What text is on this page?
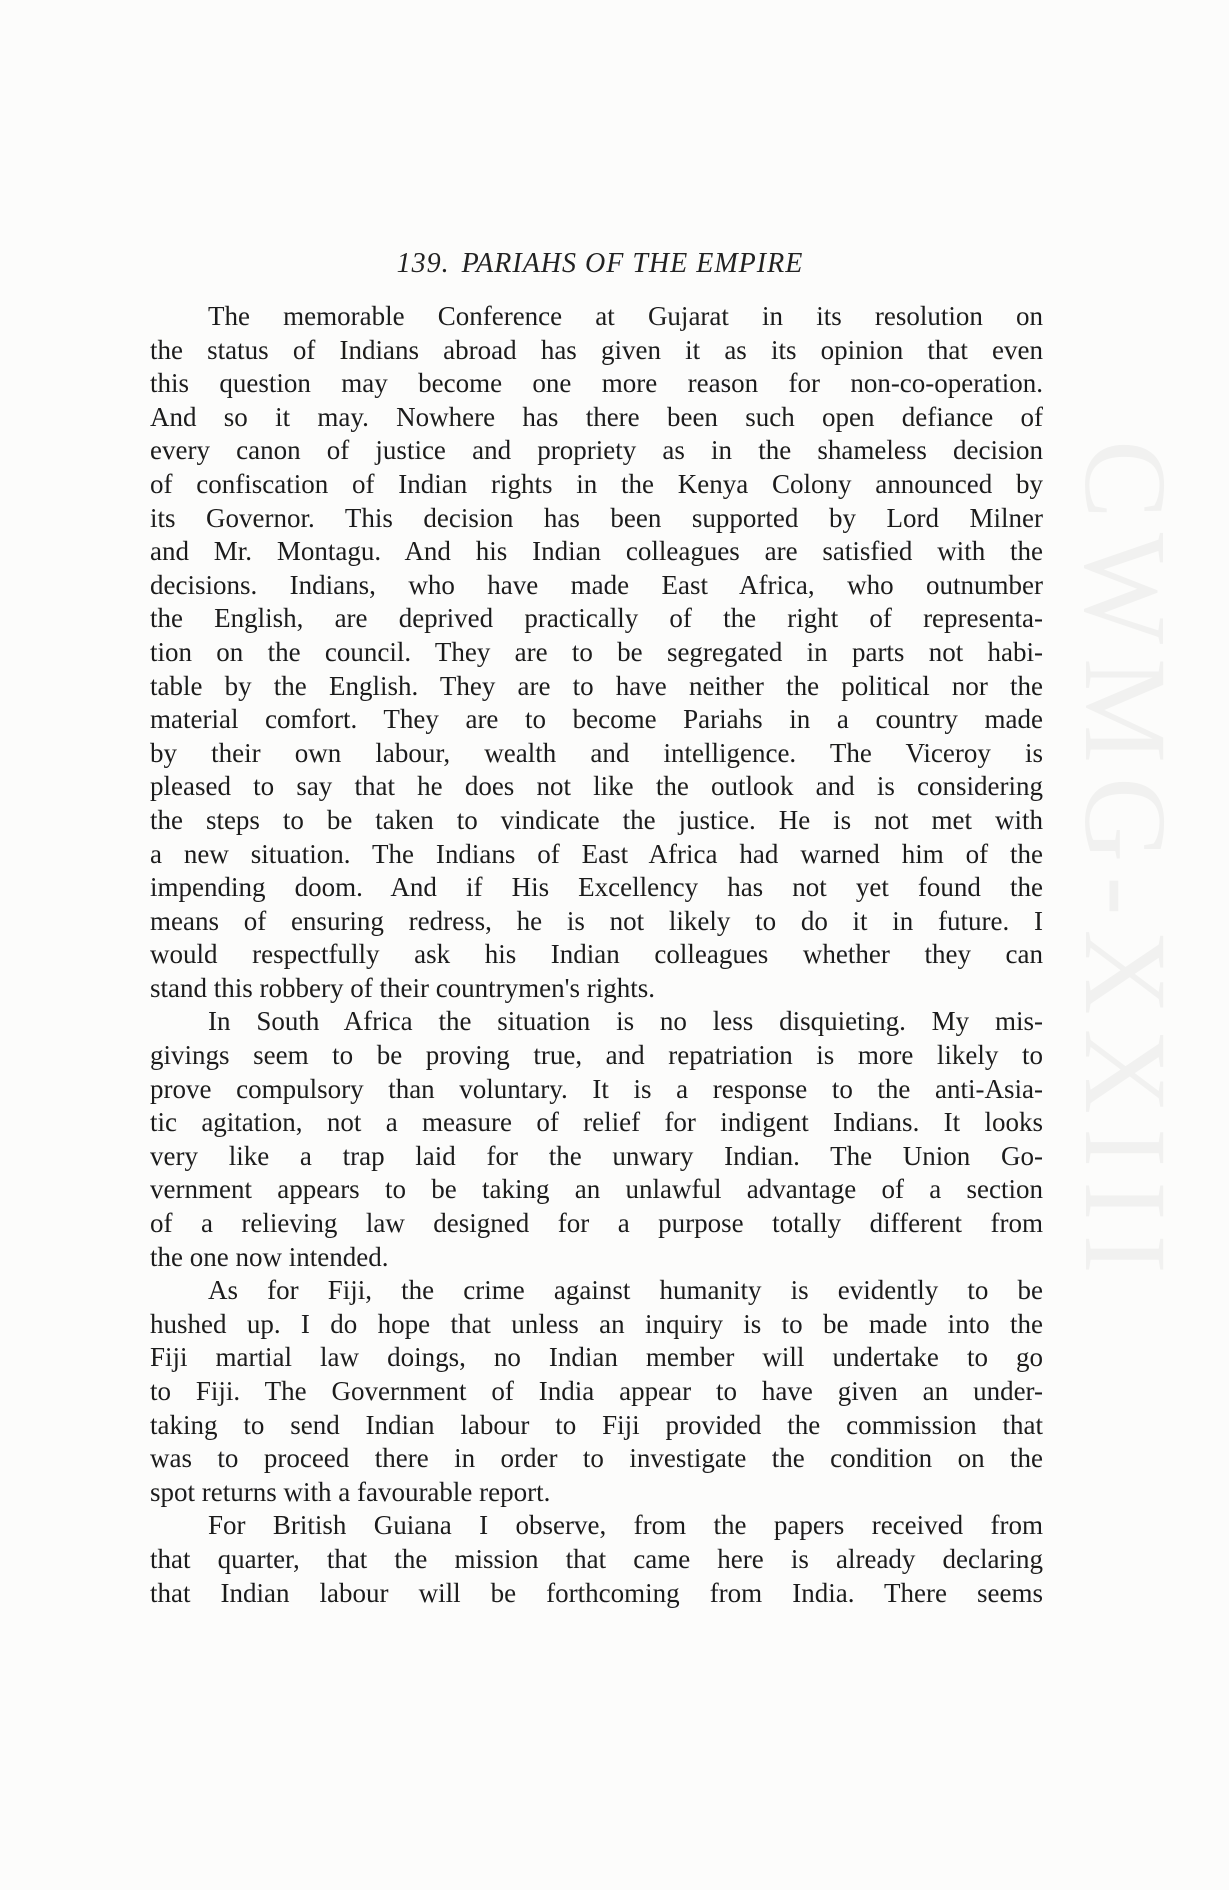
139. PARIAHS OF THE EMPIRE
The memorable Conference at Gujarat in its resolution on
the status of Indians abroad has given it as its opinion that even
this question may become one more reason for non-co-operation.
And so it may. Nowhere has there been such open defiance of
every canon of justice and propriety as in the shameless decision
of confiscation of Indian rights in the Kenya Colony announced by
its Governor. This decision has been supported by Lord Milner
and Mr. Montagu. And his Indian colleagues are satisfied with the
decisions. Indians, who have made East Africa, who outnumber
the English, are deprived practically of the right of representa-
tion on the council. They are to be segregated in parts not habi-
table by the English. They are to have neither the political nor the
material comfort. They are to become Pariahs in a country made
by their own labour, wealth and intelligence. The Viceroy is
pleased to say that he does not like the outlook and is considering
the steps to be taken to vindicate the justice. He is not met with
a new situation. The Indians of East Africa had warned him of the
impending doom. And if His Excellency has not yet found the
means of ensuring redress, he is not likely to do it in future. I
would respectfully ask his Indian colleagues whether they can
stand this robbery of their countrymen's rights.
In South Africa the situation is no less disquieting. My mis-
givings seem to be proving true, and repatriation is more likely to
prove compulsory than voluntary. It is a response to the anti-Asia-
tic agitation, not a measure of relief for indigent Indians. It looks
very like a trap laid for the unwary Indian. The Union Go-
vernment appears to be taking an unlawful advantage of a section
of a relieving law designed for a purpose totally different from
the one now intended.
As for Fiji, the crime against humanity is evidently to be
hushed up. I do hope that unless an inquiry is to be made into the
Fiji martial law doings, no Indian member will undertake to go
to Fiji. The Government of India appear to have given an under-
taking to send Indian labour to Fiji provided the commission that
was to proceed there in order to investigate the condition on the
spot returns with a favourable report.
For British Guiana I observe, from the papers received from
that quarter, that the mission that came here is already declaring
that Indian labour will be forthcoming from India. There seems
